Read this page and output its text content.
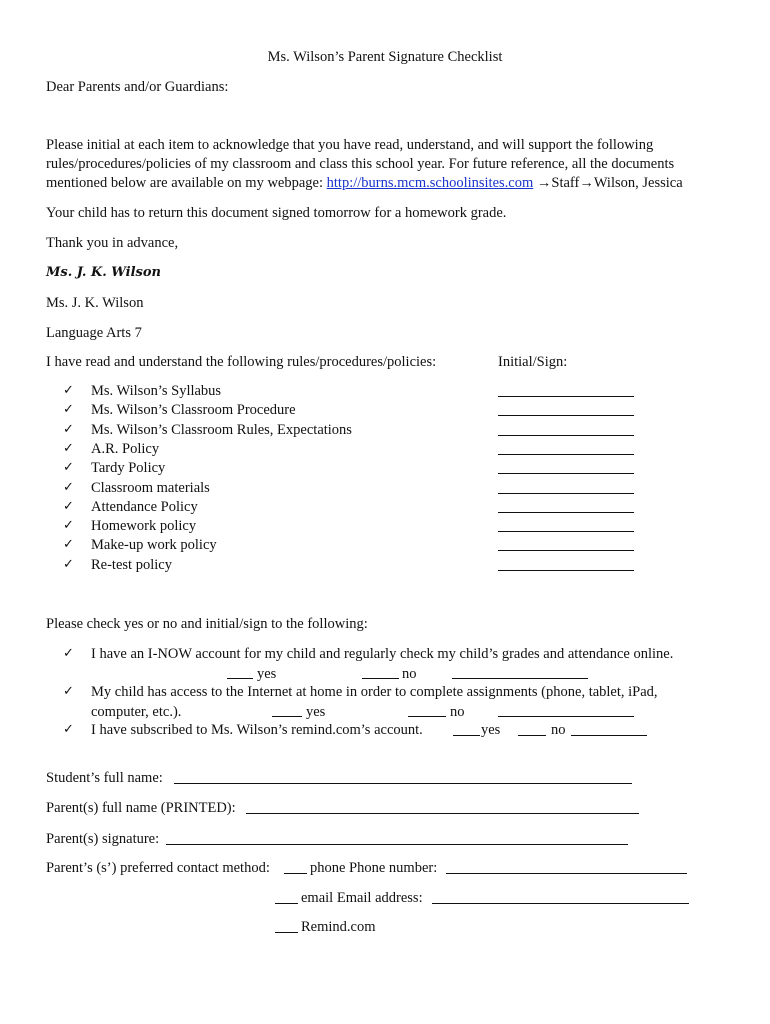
Ms. Wilson’s Parent Signature Checklist
Dear Parents and/or Guardians:
Please initial at each item to acknowledge that you have read, understand, and will support the following
rules/procedures/policies of my classroom and class this school year. For future reference, all the documents
mentioned below are available on my webpage: http://burns.mcm.schoolinsites.com →Staff→Wilson, Jessica
Your child has to return this document signed tomorrow for a homework grade.
Thank you in advance,
Ms. J. K. Wilson
Ms. J. K. Wilson
Language Arts 7
I have read and understand the following rules/procedures/policies:	Initial/Sign:
✓ Ms. Wilson’s Syllabus
✓ Ms. Wilson’s Classroom Procedure
✓ Ms. Wilson’s Classroom Rules, Expectations
✓ A.R. Policy
✓ Tardy Policy
✓ Classroom materials
✓ Attendance Policy
✓ Homework policy
✓ Make-up work policy
✓ Re-test policy
Please check yes or no and initial/sign to the following:
✓ I have an I-NOW account for my child and regularly check my child’s grades and attendance online.
yes	no
✓ My child has access to the Internet at home in order to complete assignments (phone, tablet, iPad,
computer, etc.).	yes	no
✓ I have subscribed to Ms. Wilson’s remind.com’s account.	yes	no
Student’s full name:
Parent(s) full name (PRINTED):
Parent(s) signature:
Parent’s (s’) preferred contact method:	phone Phone number:
email Email address:
Remind.com
